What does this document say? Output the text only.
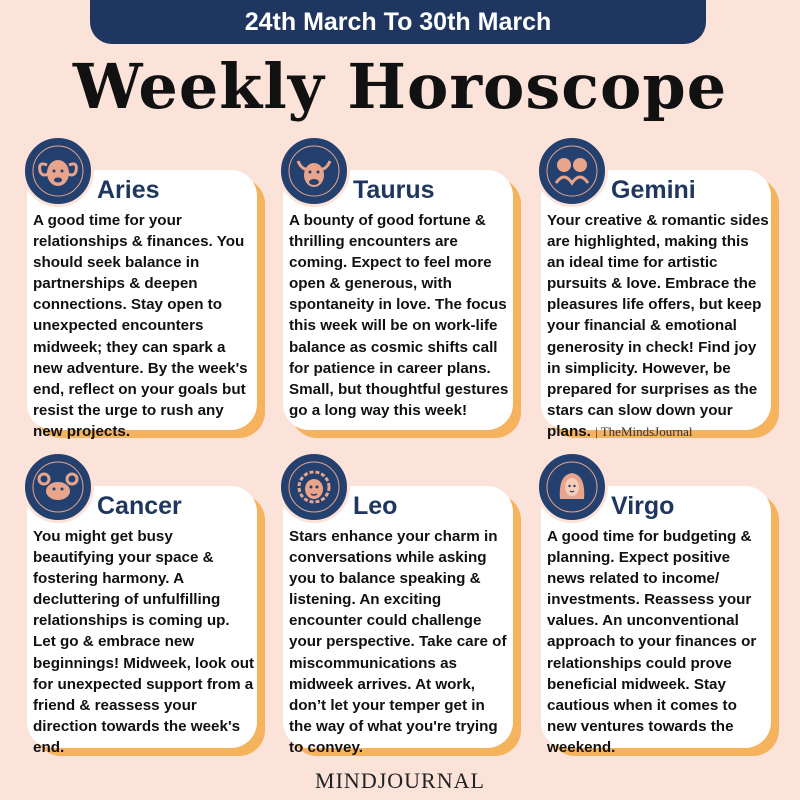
24th March To 30th March
Weekly Horoscope
Aries
A good time for your relationships & finances. You should seek balance in partnerships & deepen connections. Stay open to unexpected encounters midweek; they can spark a new adventure. By the week's end, reflect on your goals but resist the urge to rush any new projects.
Taurus
A bounty of good fortune & thrilling encounters are coming. Expect to feel more open & generous, with spontaneity in love. The focus this week will be on work-life balance as cosmic shifts call for patience in career plans. Small, but thoughtful gestures go a long way this week!
Gemini
Your creative & romantic sides are highlighted, making this an ideal time for artistic pursuits & love. Embrace the pleasures life offers, but keep your financial & emotional generosity in check! Find joy in simplicity. However, be prepared for surprises as the stars can slow down your plans. | TheMindsJournal
Cancer
You might get busy beautifying your space & fostering harmony. A decluttering of unfulfilling relationships is coming up. Let go & embrace new beginnings! Midweek, look out for unexpected support from a friend & reassess your direction towards the week's end.
Leo
Stars enhance your charm in conversations while asking you to balance speaking & listening. An exciting encounter could challenge your perspective. Take care of miscommunications as midweek arrives. At work, don’t let your temper get in the way of what you're trying to convey.
Virgo
A good time for budgeting & planning. Expect positive news related to income/ investments. Reassess your values. An unconventional approach to your finances or relationships could prove beneficial midweek. Stay cautious when it comes to new ventures towards the weekend.
MINDJOURNAL
